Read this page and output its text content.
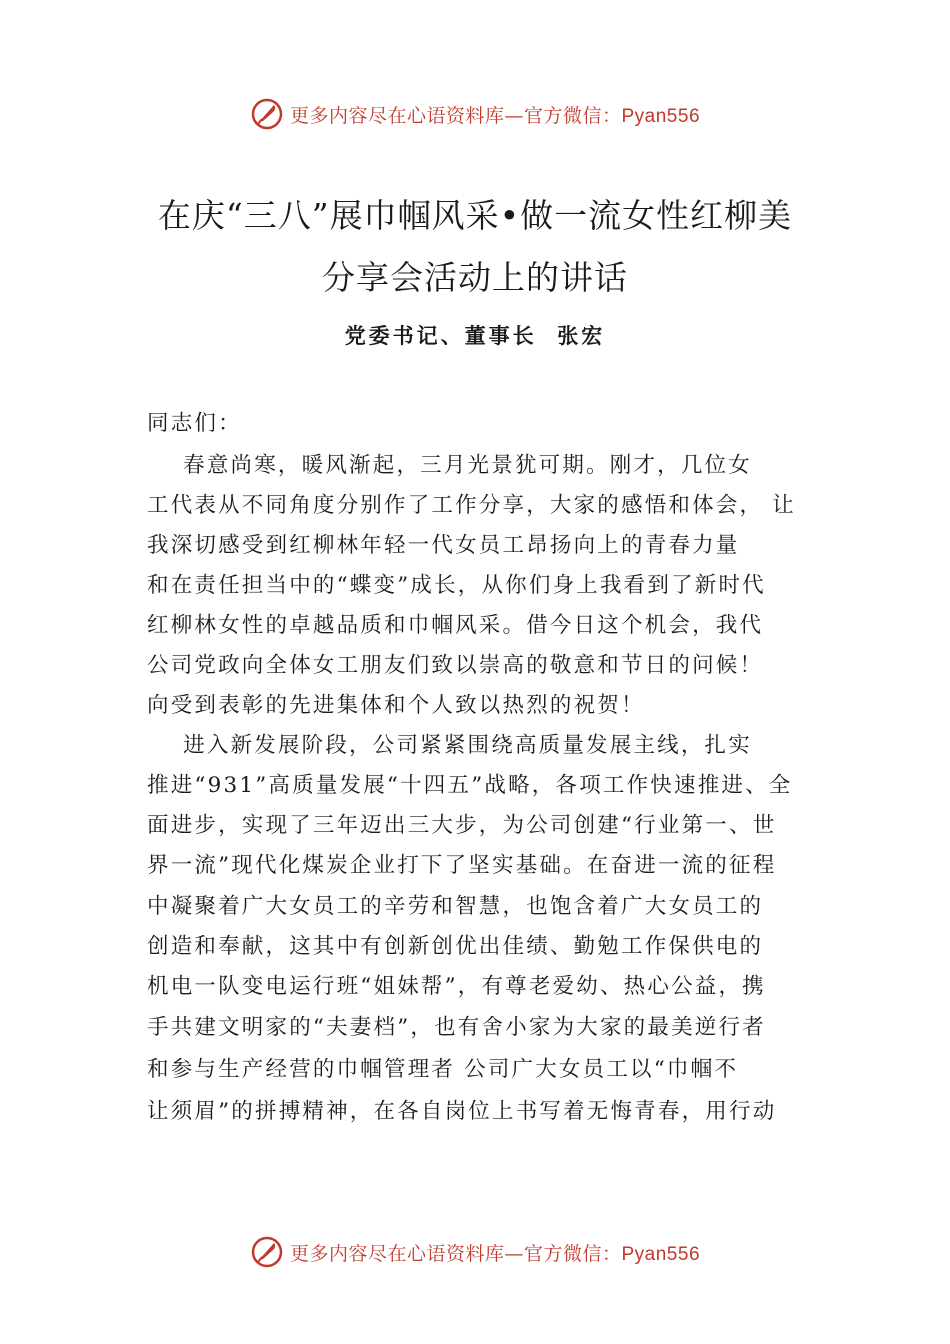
更多内容尽在心语资料库—官方微信：Pyan556
在庆“三八”展巾帼风采•做一流女性红柳美
分享会活动上的讲话
党委书记、董事长  张宏
同志们：
春意尚寒，暖风渐起，三月光景犹可期。刚才，几位女
工代表从不同角度分别作了工作分享，大家的感悟和体会， 让
我深切感受到红柳林年轻一代女员工昂扬向上的青春力量
和在责任担当中的“蝶变”成长，从你们身上我看到了新时代
红柳林女性的卓越品质和巾帼风采。借今日这个机会，我代
公司党政向全体女工朋友们致以崇高的敬意和节日的问候！
向受到表彰的先进集体和个人致以热烈的祝贺！
进入新发展阶段，公司紧紧围绕高质量发展主线，扎实
推进“931”高质量发展“十四五”战略，各项工作快速推进、全
面进步，实现了三年迈出三大步，为公司创建“行业第一、世
界一流”现代化煤炭企业打下了坚实基础。在奋进一流的征程
中凝聚着广大女员工的辛劳和智慧，也饱含着广大女员工的
创造和奉献，这其中有创新创优出佳绩、勤勉工作保供电的
机电一队变电运行班“姐妹帮”，有尊老爱幼、热心公益，携
手共建文明家的“夫妻档”，也有舍小家为大家的最美逆行者
和参与生产经营的巾帼管理者 公司广大女员工以“巾帼不
让须眉”的拼搏精神，在各自岗位上书写着无悔青春，用行动
更多内容尽在心语资料库—官方微信：Pyan556
